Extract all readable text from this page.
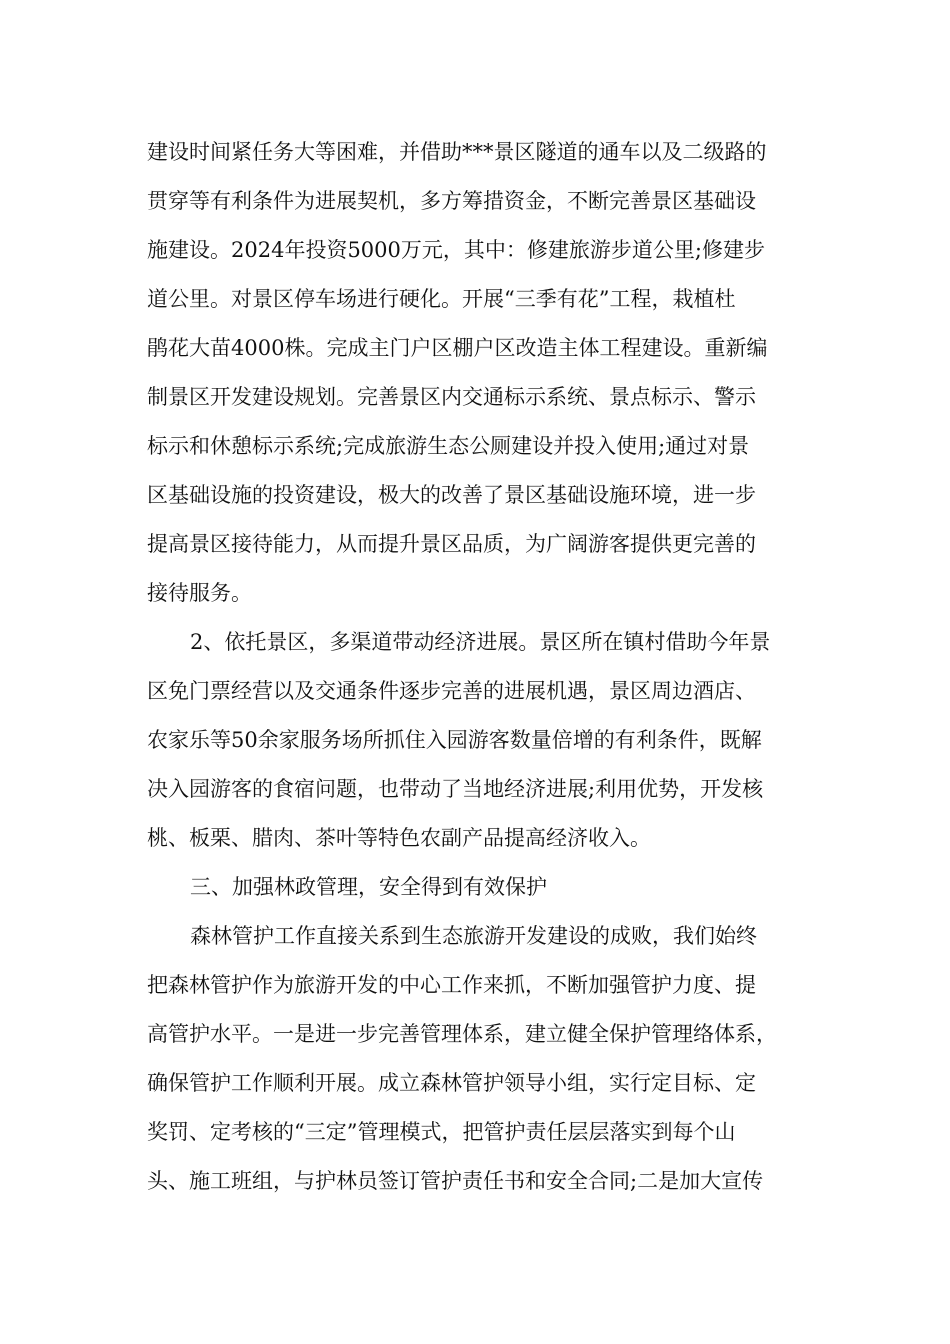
建设时间紧任务大等困难，并借助***景区隧道的通车以及二级路的
贯穿等有利条件为进展契机，多方筹措资金，不断完善景区基础设
施建设。2024年投资5000万元，其中：修建旅游步道公里;修建步
道公里。对景区停车场进行硬化。开展“三季有花”工程，栽植杜
鹃花大苗4000株。完成主门户区棚户区改造主体工程建设。重新编
制景区开发建设规划。完善景区内交通标示系统、景点标示、警示
标示和休憩标示系统;完成旅游生态公厕建设并投入使用;通过对景
区基础设施的投资建设，极大的改善了景区基础设施环境，进一步
提高景区接待能力，从而提升景区品质，为广阔游客提供更完善的
接待服务。
2、依托景区，多渠道带动经济进展。景区所在镇村借助今年景
区免门票经营以及交通条件逐步完善的进展机遇，景区周边酒店、
农家乐等50余家服务场所抓住入园游客数量倍增的有利条件，既解
决入园游客的食宿问题，也带动了当地经济进展;利用优势，开发核
桃、板栗、腊肉、茶叶等特色农副产品提高经济收入。
三、加强林政管理，安全得到有效保护
森林管护工作直接关系到生态旅游开发建设的成败，我们始终
把森林管护作为旅游开发的中心工作来抓，不断加强管护力度、提
高管护水平。一是进一步完善管理体系，建立健全保护管理络体系，
确保管护工作顺利开展。成立森林管护领导小组，实行定目标、定
奖罚、定考核的“三定”管理模式，把管护责任层层落实到每个山
头、施工班组，与护林员签订管护责任书和安全合同;二是加大宣传
